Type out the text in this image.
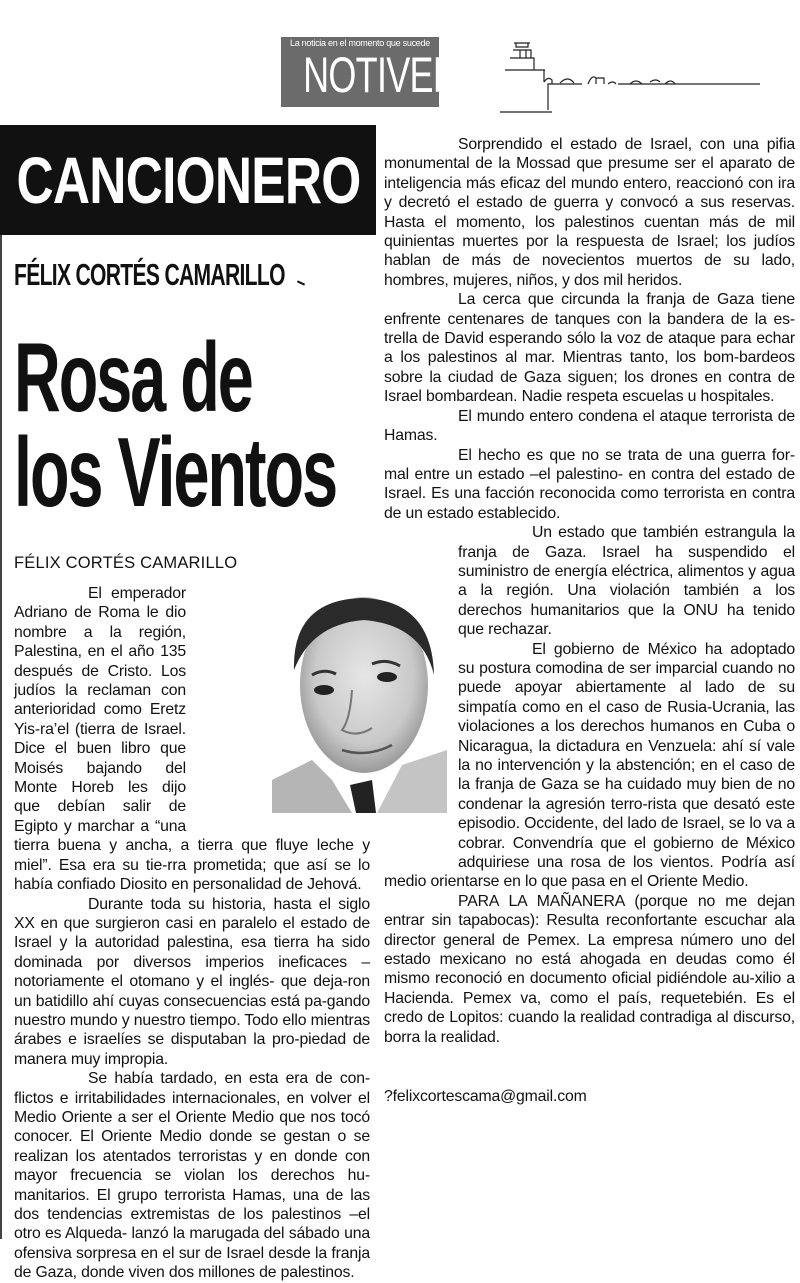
La noticia en el momento que sucede
NOTIVER
CANCIONERO
FÉLIX CORTÉS CAMARILLO
Rosa de
los Vientos
FÉLIX CORTÉS CAMARILLO

El emperador Adriano de Roma le dio nombre a la región, Palestina, en el año 135 después de Cristo. Los judíos la reclaman con anterioridad como Eretz Yis-ra’el (tierra de Israel. Dice el buen libro que Moisés bajando del Monte Horeb les dijo que debían salir de Egipto y marchar a “una tierra buena y ancha, a tierra que fluye leche y miel”. Esa era su tie-rra prometida; que así se lo había confiado Diosito en personalidad de Jehová.

Durante toda su historia, hasta el siglo XX en que surgieron casi en paralelo el estado de Israel y la autoridad palestina, esa tierra ha sido dominada por diversos imperios ineficaces –notoriamente el otomano y el inglés- que deja-ron un batidillo ahí cuyas consecuencias está pa-gando nuestro mundo y nuestro tiempo. Todo ello mientras árabes e israelíes se disputaban la pro-piedad de manera muy impropia.

Se había tardado, en esta era de con-flictos e irritabilidades internacionales, en volver el Medio Oriente a ser el Oriente Medio que nos tocó conocer. El Oriente Medio donde se gestan o se realizan los atentados terroristas y en donde con mayor frecuencia se violan los derechos hu-manitarios. El grupo terrorista Hamas, una de las dos tendencias extremistas de los palestinos –el otro es Alqueda- lanzó la marugada del sábado una ofensiva sorpresa en el sur de Israel desde la franja de Gaza, donde viven dos millones de palestinos.

Sorprendido el estado de Israel, con una pifia monumental de la Mossad que presume ser el aparato de inteligencia más eficaz del mundo entero, reaccionó con ira y decretó el estado de guerra y convocó a sus reservas. Hasta el momento, los palestinos cuentan más de mil quinientas muertes por la respuesta de Israel; los judíos hablan de más de novecientos muertos de su lado, hombres, mujeres, niños, y dos mil heridos.

La cerca que circunda la franja de Gaza tiene enfrente centenares de tanques con la bandera de la es-trella de David esperando sólo la voz de ataque para echar a los palestinos al mar. Mientras tanto, los bom-bardeos sobre la ciudad de Gaza siguen; los drones en contra de Israel bombardean. Nadie respeta escuelas u hospitales.

El mundo entero condena el ataque terrorista de Hamas.

El hecho es que no se trata de una guerra for-mal entre un estado –el palestino- en contra del estado de Israel. Es una facción reconocida como terrorista en contra de un estado establecido.

Un estado que también estrangula la franja de Gaza. Israel ha suspendido el suministro de energía eléctrica, alimentos y agua a la región. Una violación también a los derechos humanitarios que la ONU ha tenido que rechazar.

El gobierno de México ha adoptado su postura comodina de ser imparcial cuando no puede apoyar abiertamente al lado de su simpatía como en el caso de Rusia-Ucrania, las violaciones a los derechos humanos en Cuba o Nicaragua, la dictadura en Venzuela: ahí sí vale la no intervención y la abstención; en el caso de la franja de Gaza se ha cuidado muy bien de no condenar la agresión terro-rista que desató este episodio. Occidente, del lado de Israel, se lo va a cobrar. Convendría que el gobierno de México adquiriese una rosa de los vientos. Podría así medio orientarse en lo que pasa en el Oriente Medio.

PARA LA MAÑANERA (porque no me dejan entrar sin tapabocas): Resulta reconfortante escuchar ala director general de Pemex. La empresa número uno del estado mexicano no está ahogada en deudas como él mismo reconoció en documento oficial pidiéndole au-xilio a Hacienda. Pemex va, como el país, requetebién. Es el credo de Lopitos: cuando la realidad contradiga al discurso, borra la realidad.

?felixcortescama@gmail.com
